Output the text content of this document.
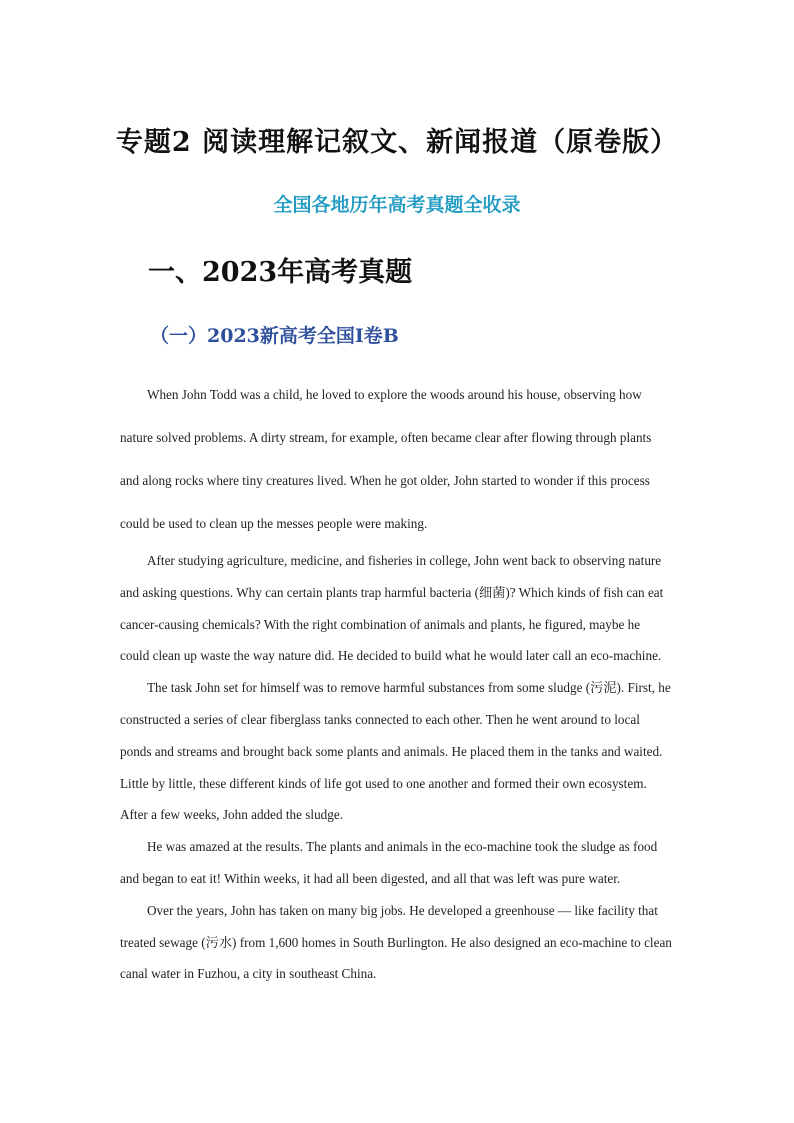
专题2 阅读理解记叙文、新闻报道（原卷版）
全国各地历年高考真题全收录
一、2023年高考真题
（一）2023新高考全国Ⅰ卷B

When John Todd was a child, he loved to explore the woods around his house, observing how nature solved problems. A dirty stream, for example, often became clear after flowing through plants and along rocks where tiny creatures lived. When he got older, John started to wonder if this process could be used to clean up the messes people were making.

After studying agriculture, medicine, and fisheries in college, John went back to observing nature and asking questions. Why can certain plants trap harmful bacteria (细菌)? Which kinds of fish can eat cancer-causing chemicals? With the right combination of animals and plants, he figured, maybe he could clean up waste the way nature did. He decided to build what he would later call an eco-machine.

The task John set for himself was to remove harmful substances from some sludge (污泥). First, he constructed a series of clear fiberglass tanks connected to each other. Then he went around to local ponds and streams and brought back some plants and animals. He placed them in the tanks and waited. Little by little, these different kinds of life got used to one another and formed their own ecosystem. After a few weeks, John added the sludge.

He was amazed at the results. The plants and animals in the eco-machine took the sludge as food and began to eat it! Within weeks, it had all been digested, and all that was left was pure water.

Over the years, John has taken on many big jobs. He developed a greenhouse — like facility that treated sewage (污水) from 1,600 homes in South Burlington. He also designed an eco-machine to clean canal water in Fuzhou, a city in southeast China.
